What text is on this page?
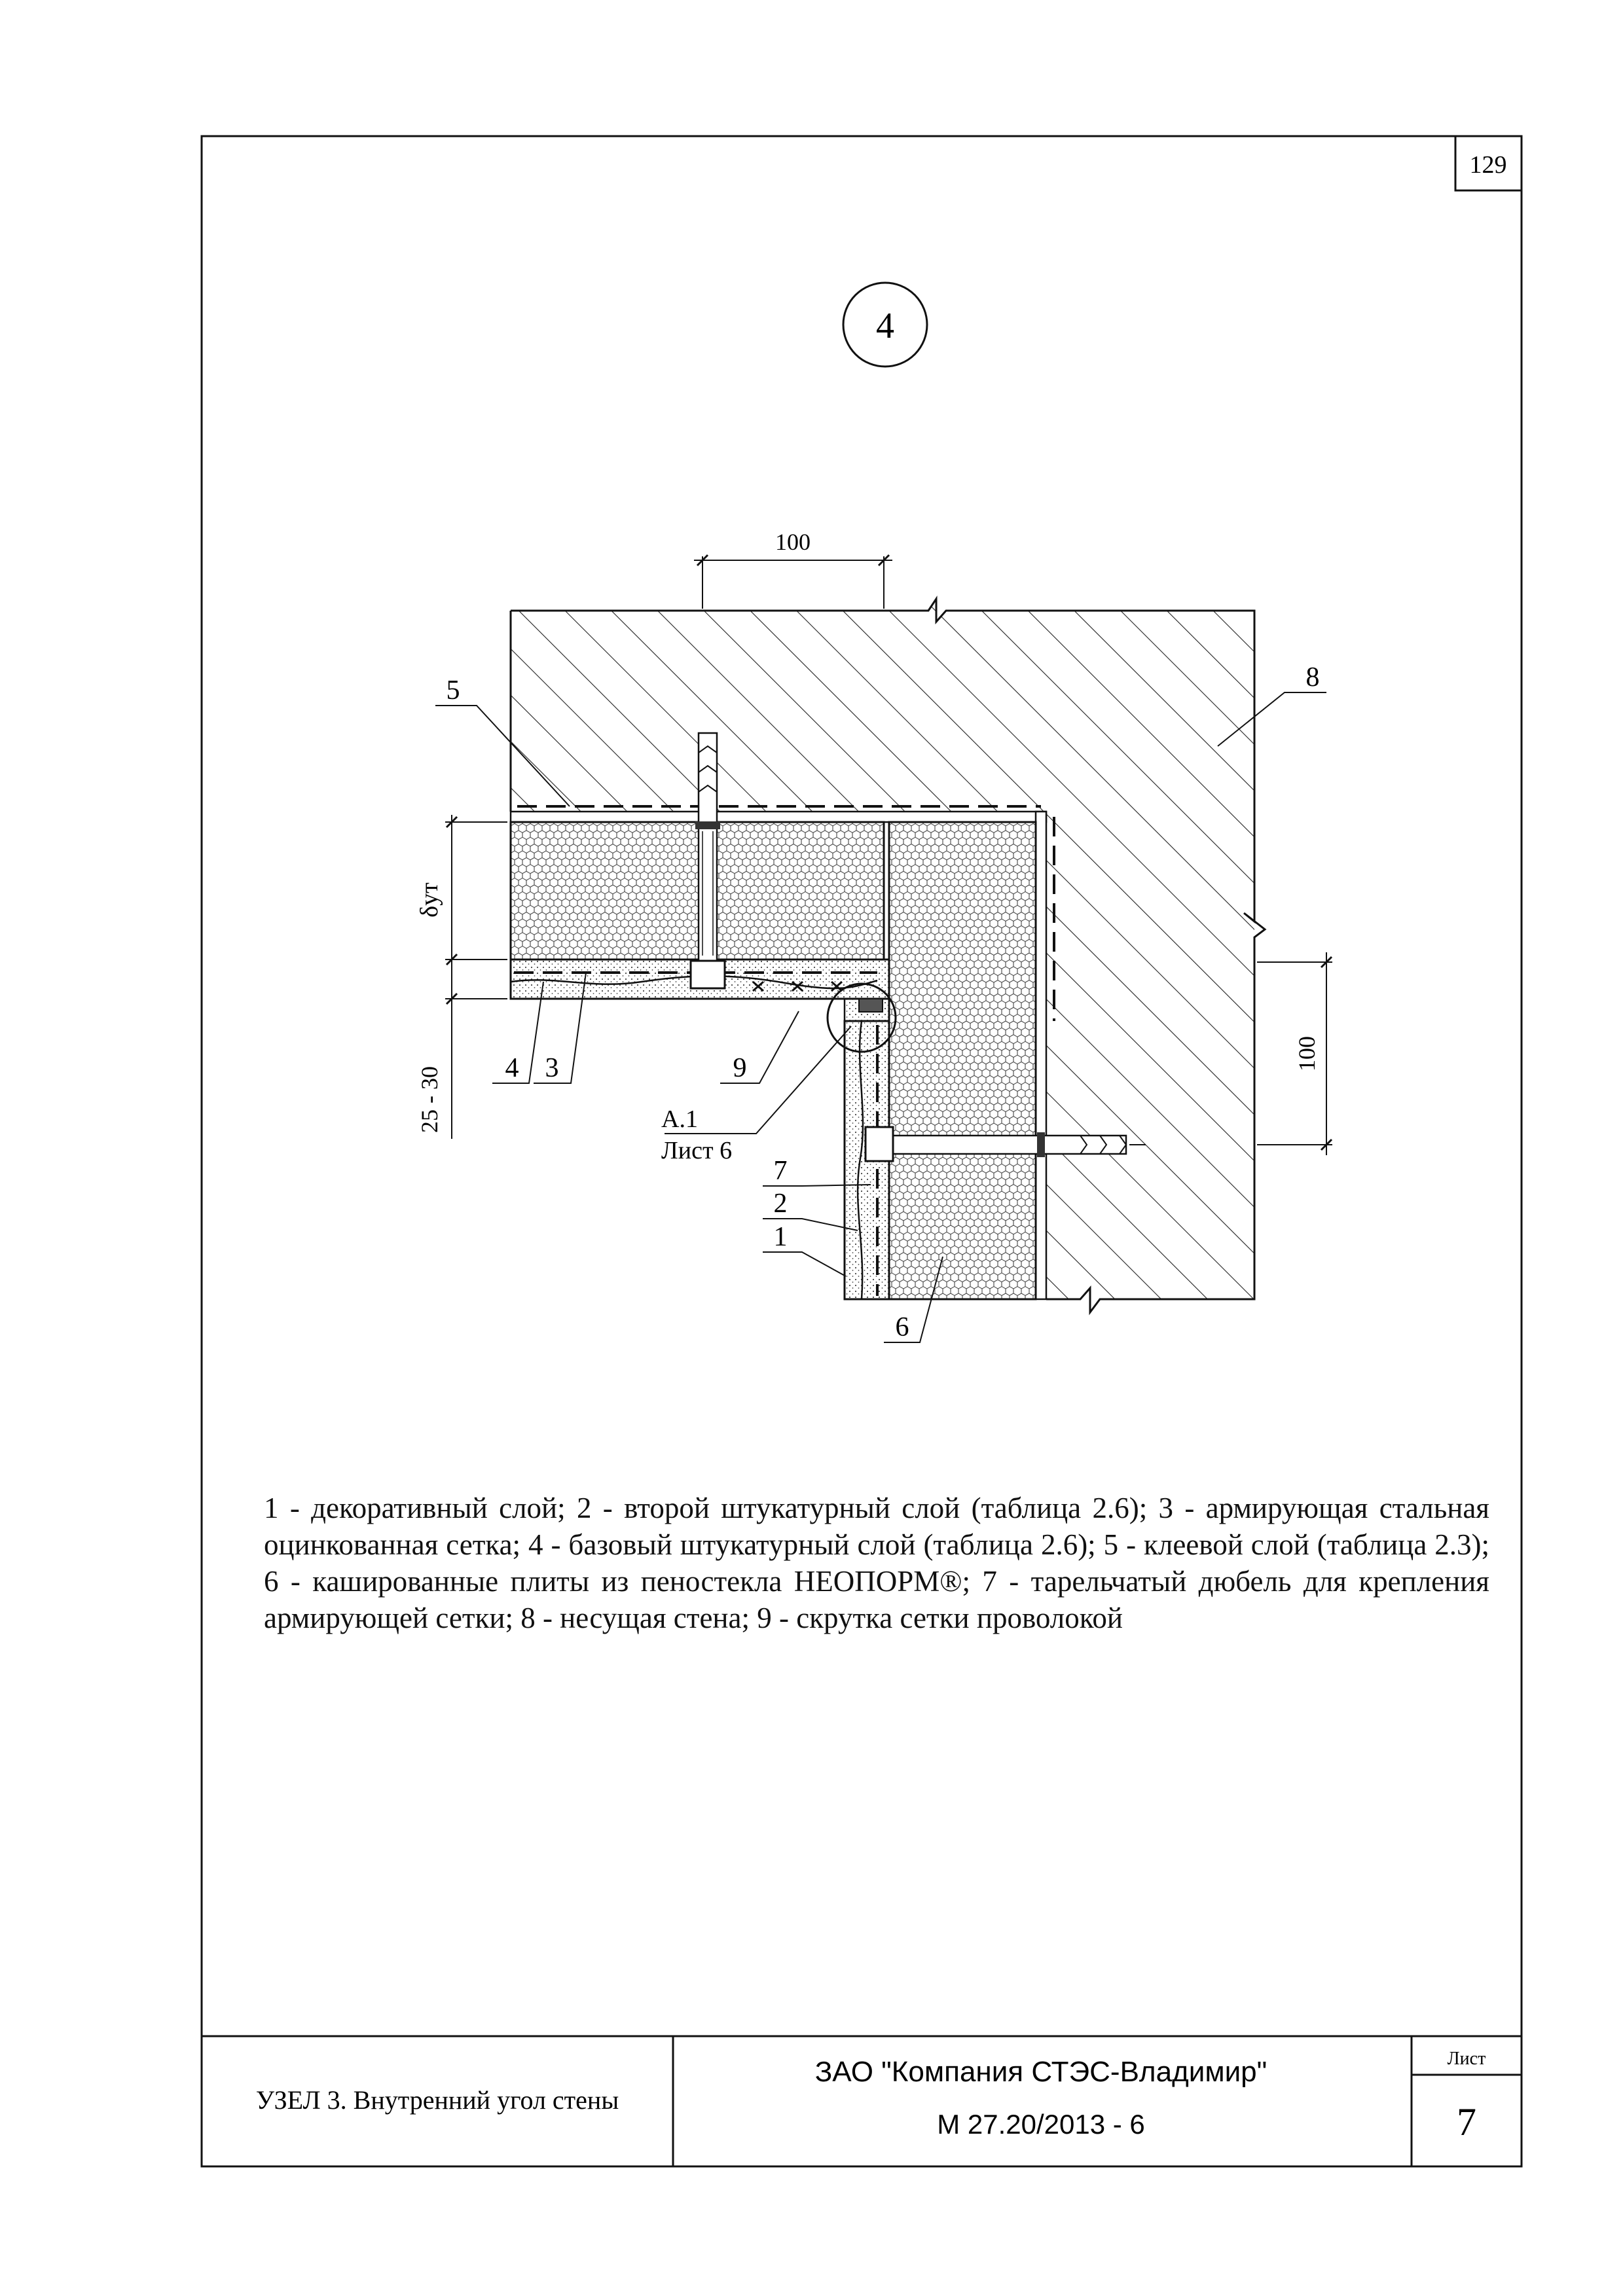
129
4
100
100
δут
25 - 30
5	8
4 3	9
7
2
1
6
А.1
Лист 6
УЗЕЛ 3. Внутренний угол стены
ЗАО "Компания СТЭС-Владимир"
М 27.20/2013 - 6
Лист
7

1 - декоративный слой; 2 - второй штукатурный слой (таблица 2.6); 3 - армирующая стальная оцинкованная сетка; 4 - базовый штукатурный слой (таблица 2.6); 5 - клеевой слой (таблица 2.3); 6 - кашированные плиты из пеностекла НЕОПОРМ®; 7 - тарельчатый дюбель для крепления армирующей сетки; 8 - несущая стена; 9 - скрутка сетки проволокой
